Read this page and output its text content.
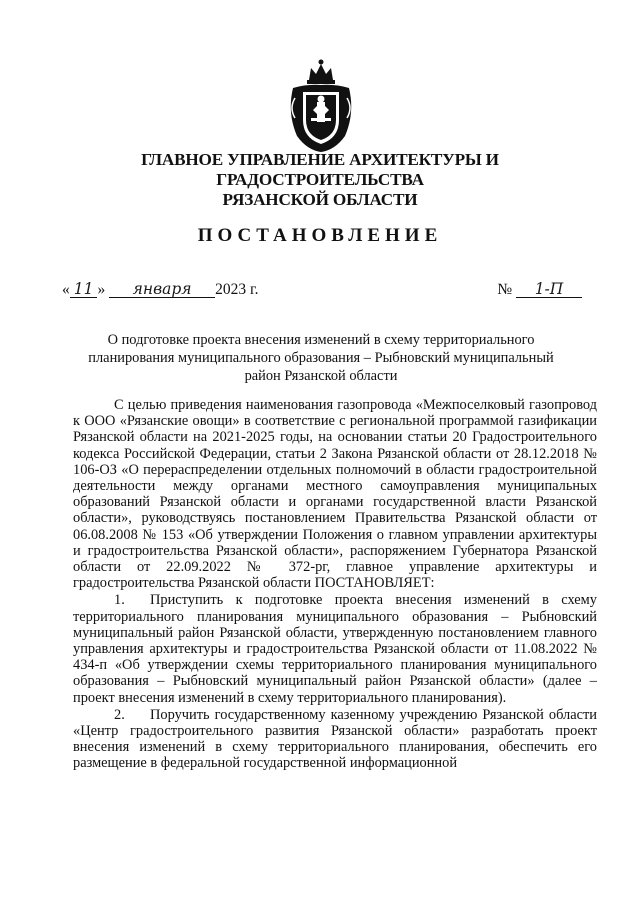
ГЛАВНОЕ УПРАВЛЕНИЕ АРХИТЕКТУРЫ И ГРАДОСТРОИТЕЛЬСТВА
РЯЗАНСКОЙ ОБЛАСТИ
ПОСТАНОВЛЕНИЕ
« 11 » января 2023 г.	№ 1-П
О подготовке проекта внесения изменений в схему территориального
планирования муниципального образования – Рыбновский муниципальный
район Рязанской области

С целью приведения наименования газопровода «Межпоселковый газопровод к ООО «Рязанские овощи» в соответствие с региональной программой газификации Рязанской области на 2021-2025 годы, на основании статьи 20 Градостроительного кодекса Российской Федерации, статьи 2 Закона Рязанской области от 28.12.2018 № 106-ОЗ «О перераспределении отдельных полномочий в области градостроительной деятельности между органами местного самоуправления муниципальных образований Рязанской области и органами государственной власти Рязанской области», руководствуясь постановлением Правительства Рязанской области от 06.08.2008 № 153 «Об утверждении Положения о главном управлении архитектуры и градостроительства Рязанской области», распоряжением Губернатора Рязанской области от 22.09.2022 № 372-рг, главное управление архитектуры и градостроительства Рязанской области ПОСТАНОВЛЯЕТ:

1. Приступить к подготовке проекта внесения изменений в схему территориального планирования муниципального образования – Рыбновский муниципальный район Рязанской области, утвержденную постановлением главного управления архитектуры и градостроительства Рязанской области от 11.08.2022 № 434-п «Об утверждении схемы территориального планирования муниципального образования – Рыбновский муниципальный район Рязанской области» (далее – проект внесения изменений в схему территориального планирования).

2. Поручить государственному казенному учреждению Рязанской области «Центр градостроительного развития Рязанской области» разработать проект внесения изменений в схему территориального планирования, обеспечить его размещение в федеральной государственной информационной
